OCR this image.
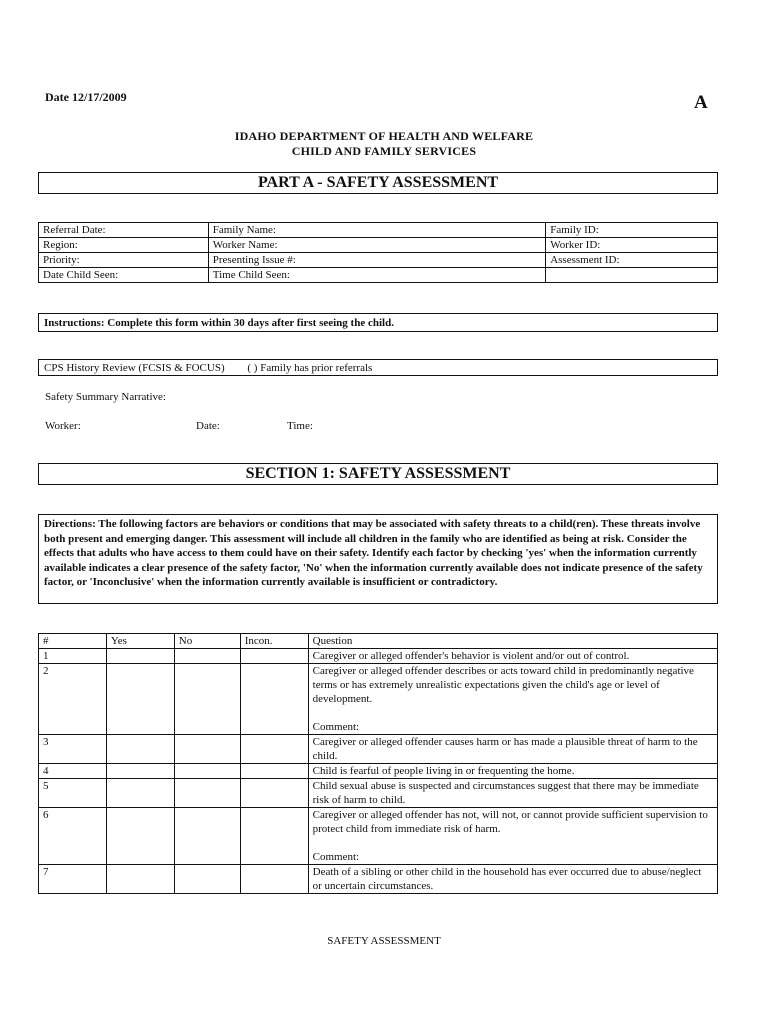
Date 12/17/2009	A
IDAHO DEPARTMENT OF HEALTH AND WELFARE
CHILD AND FAMILY SERVICES
PART A - SAFETY ASSESSMENT
Referral Date:	Family Name:	Family ID:
Region:	Worker Name:	Worker ID:
Priority:	Presenting Issue #:	Assessment ID:
Date Child Seen:	Time Child Seen:	
Instructions: Complete this form within 30 days after first seeing the child.
CPS History Review (FCSIS & FOCUS) ( ) Family has prior referrals
Safety Summary Narrative:
Worker:	Date:	Time:
SECTION 1: SAFETY ASSESSMENT
Directions: The following factors are behaviors or conditions that may be associated with safety threats to a child(ren). These threats involve both present and emerging danger. This assessment will include all children in the family who are identified as being at risk. Consider the effects that adults who have access to them could have on their safety. Identify each factor by checking 'yes' when the information currently available indicates a clear presence of the safety factor, 'No' when the information currently available does not indicate presence of the safety factor, or 'Inconclusive' when the information currently available is insufficient or contradictory.
#	Yes	No	Incon.	Question
1				Caregiver or alleged offender's behavior is violent and/or out of control.

2				Caregiver or alleged offender describes or acts toward child in predominantly negative terms or has extremely unrealistic expectations given the child's age or level of development.
Comment:

3				Caregiver or alleged offender causes harm or has made a plausible threat of harm to the child.

4				Child is fearful of people living in or frequenting the home.

5				Child sexual abuse is suspected and circumstances suggest that there may be immediate risk of harm to child.

6				Caregiver or alleged offender has not, will not, or cannot provide sufficient supervision to protect child from immediate risk of harm.
Comment:

7				Death of a sibling or other child in the household has ever occurred due to abuse/neglect or uncertain circumstances.
SAFETY ASSESSMENT
